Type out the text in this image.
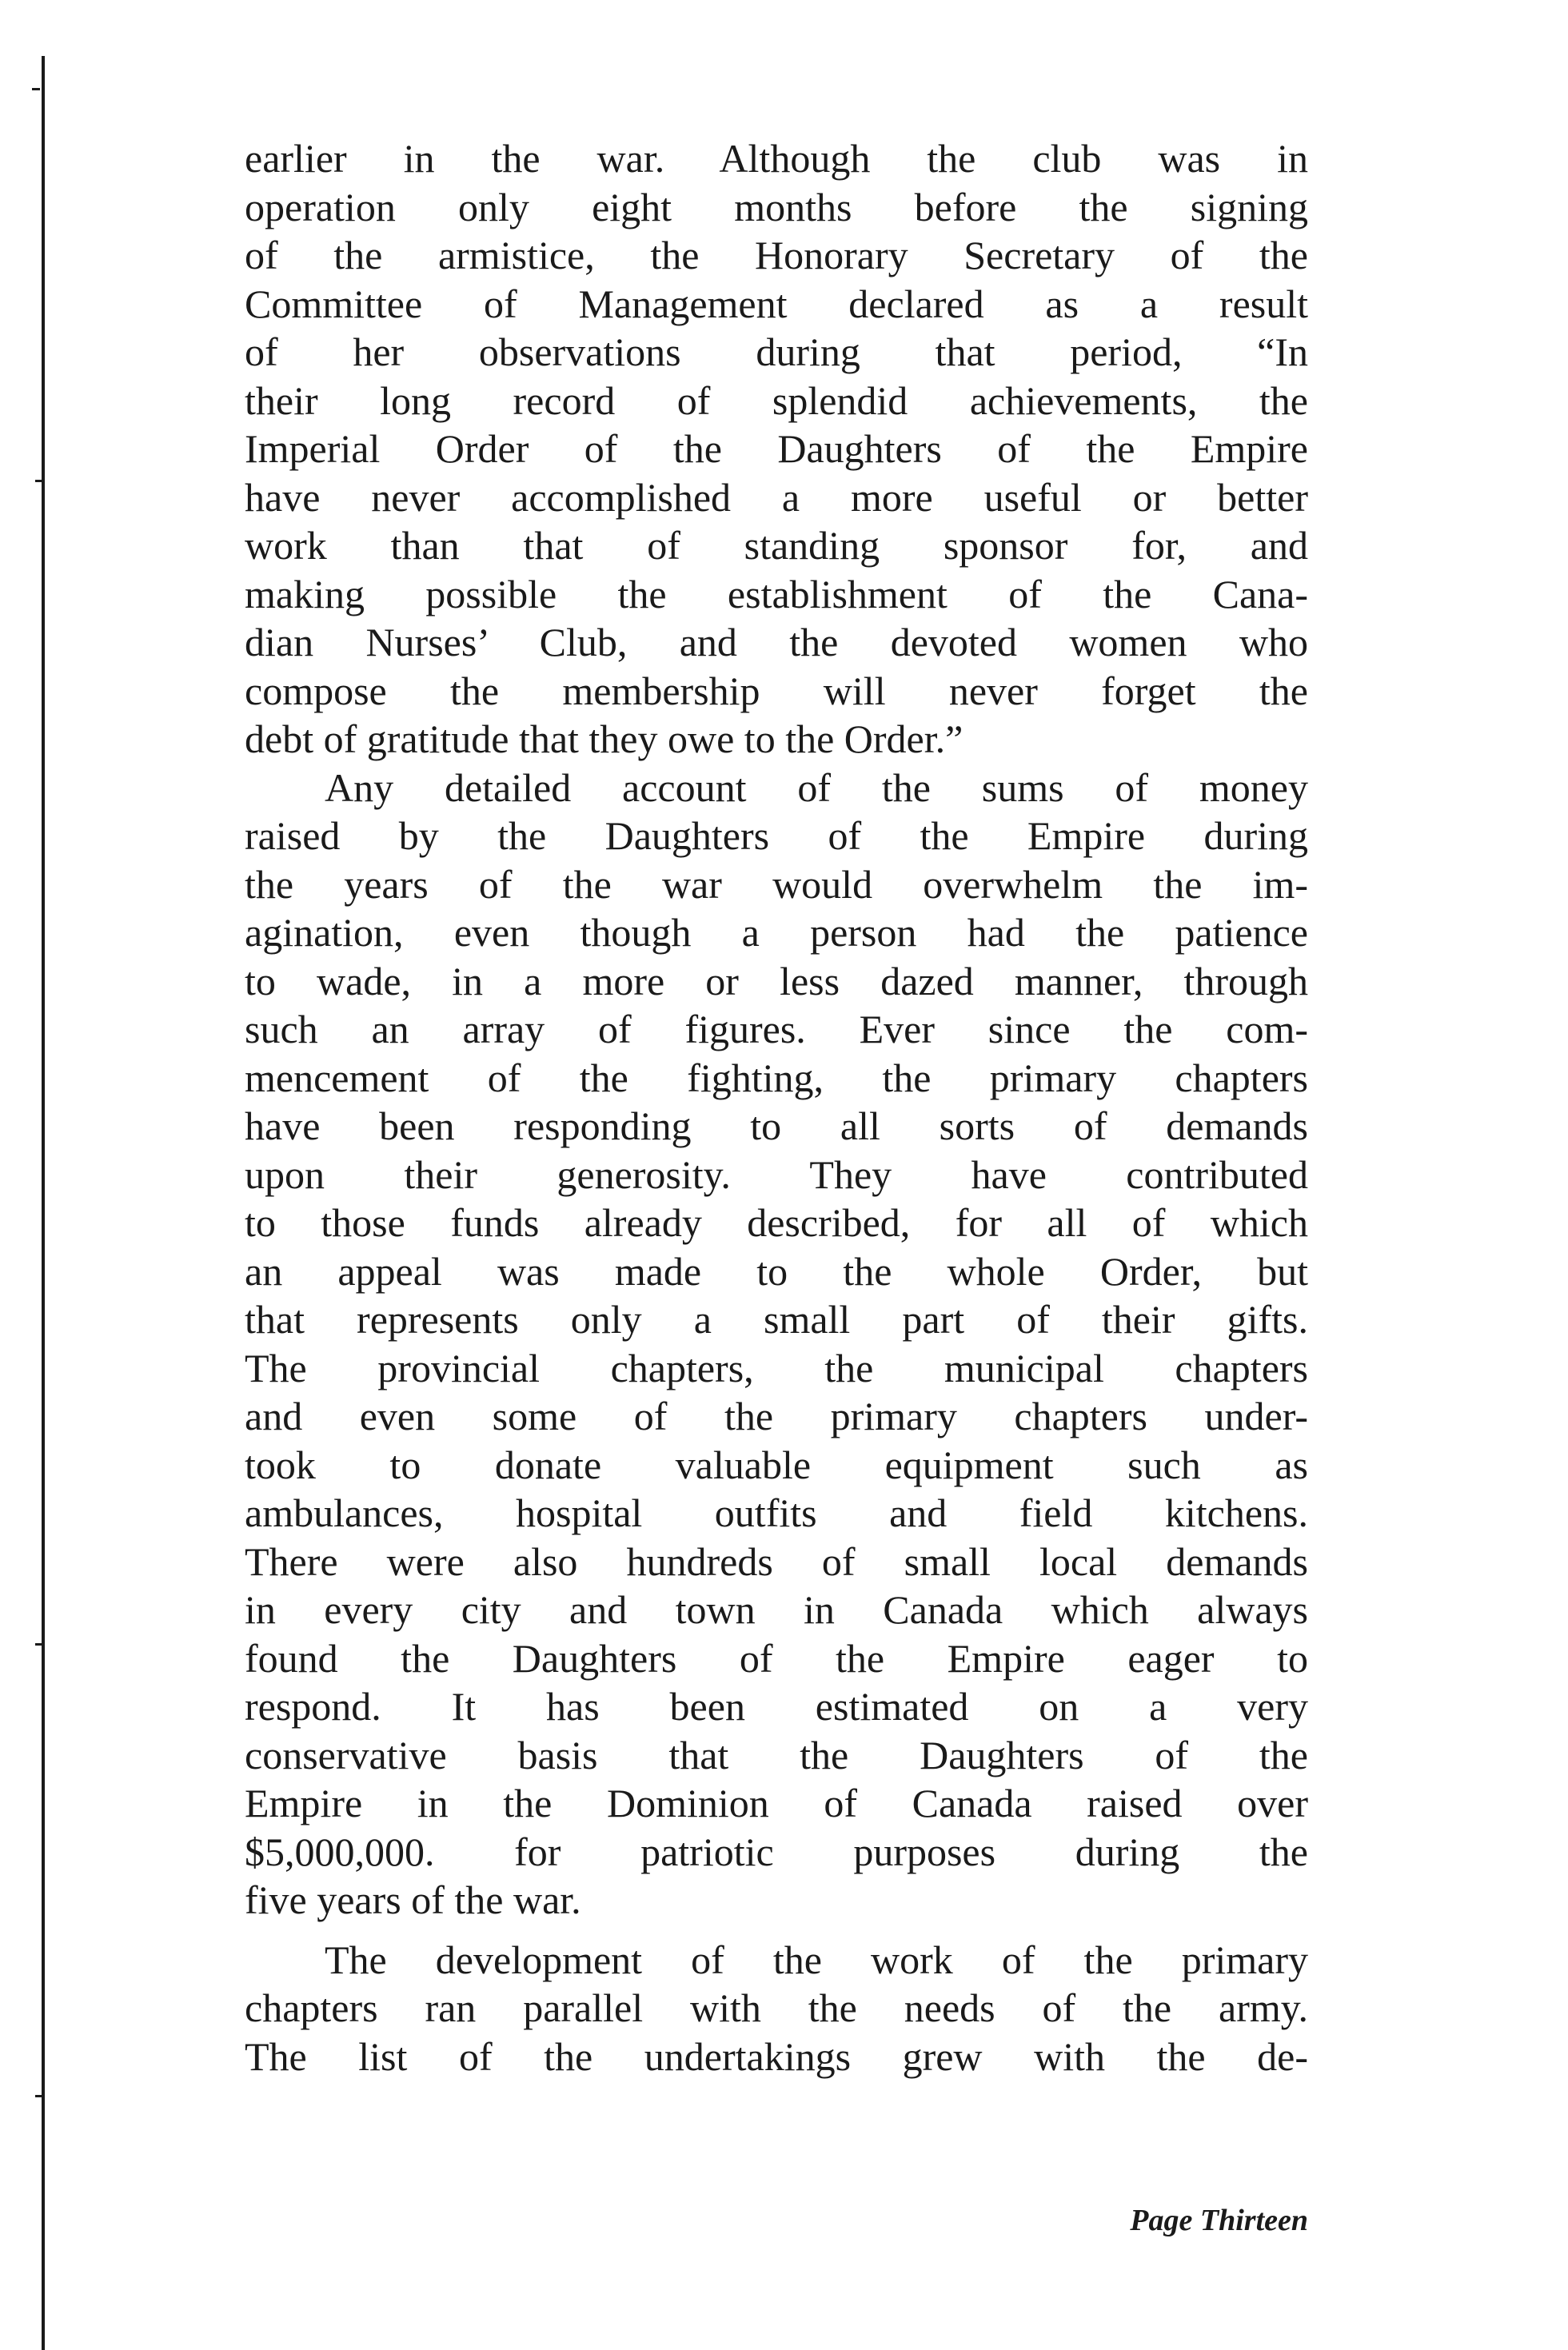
earlier in the war. Although the club was in
operation only eight months before the signing
of the armistice, the Honorary Secretary of the
Committee of Management declared as a result
of her observations during that period, “In
their long record of splendid achievements, the
Imperial Order of the Daughters of the Empire
have never accomplished a more useful or better
work than that of standing sponsor for, and
making possible the establishment of the Cana-
dian Nurses’ Club, and the devoted women who
compose the membership will never forget the
debt of gratitude that they owe to the Order.”
Any detailed account of the sums of money
raised by the Daughters of the Empire during
the years of the war would overwhelm the im-
agination, even though a person had the patience
to wade, in a more or less dazed manner, through
such an array of figures. Ever since the com-
mencement of the fighting, the primary chapters
have been responding to all sorts of demands
upon their generosity. They have contributed
to those funds already described, for all of which
an appeal was made to the whole Order, but
that represents only a small part of their gifts.
The provincial chapters, the municipal chapters
and even some of the primary chapters under-
took to donate valuable equipment such as
ambulances, hospital outfits and field kitchens.
There were also hundreds of small local demands
in every city and town in Canada which always
found the Daughters of the Empire eager to
respond. It has been estimated on a very
conservative basis that the Daughters of the
Empire in the Dominion of Canada raised over
$5,000,000. for patriotic purposes during the
five years of the war.
The development of the work of the primary
chapters ran parallel with the needs of the army.
The list of the undertakings grew with the de-
Page Thirteen
